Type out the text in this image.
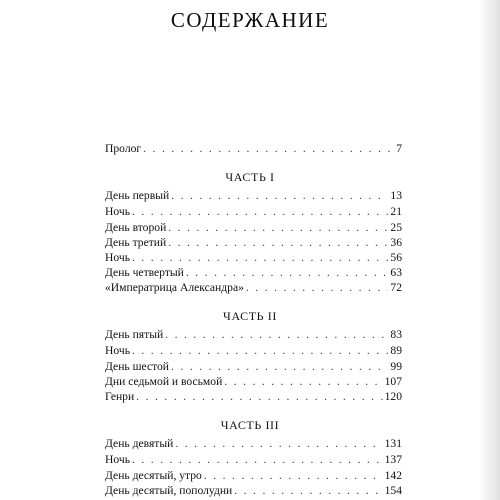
СОДЕРЖАНИЕ
Пролог . . .	7
ЧАСТЬ I
День первый . . .	13
Ночь . . .	21
День второй . . .	25
День третий . . .	36
Ночь . . .	56
День четвертый . . .	63
«Императрица Александра» . . .	72
ЧАСТЬ II
День пятый . . .	83
Ночь . . .	89
День шестой . . .	99
Дни седьмой и восьмой . . .	107
Генри . . .	120
ЧАСТЬ III
День девятый . . .	131
Ночь . . .	137
День десятый, утро . . .	142
День десятый, пополудни . . .	154
